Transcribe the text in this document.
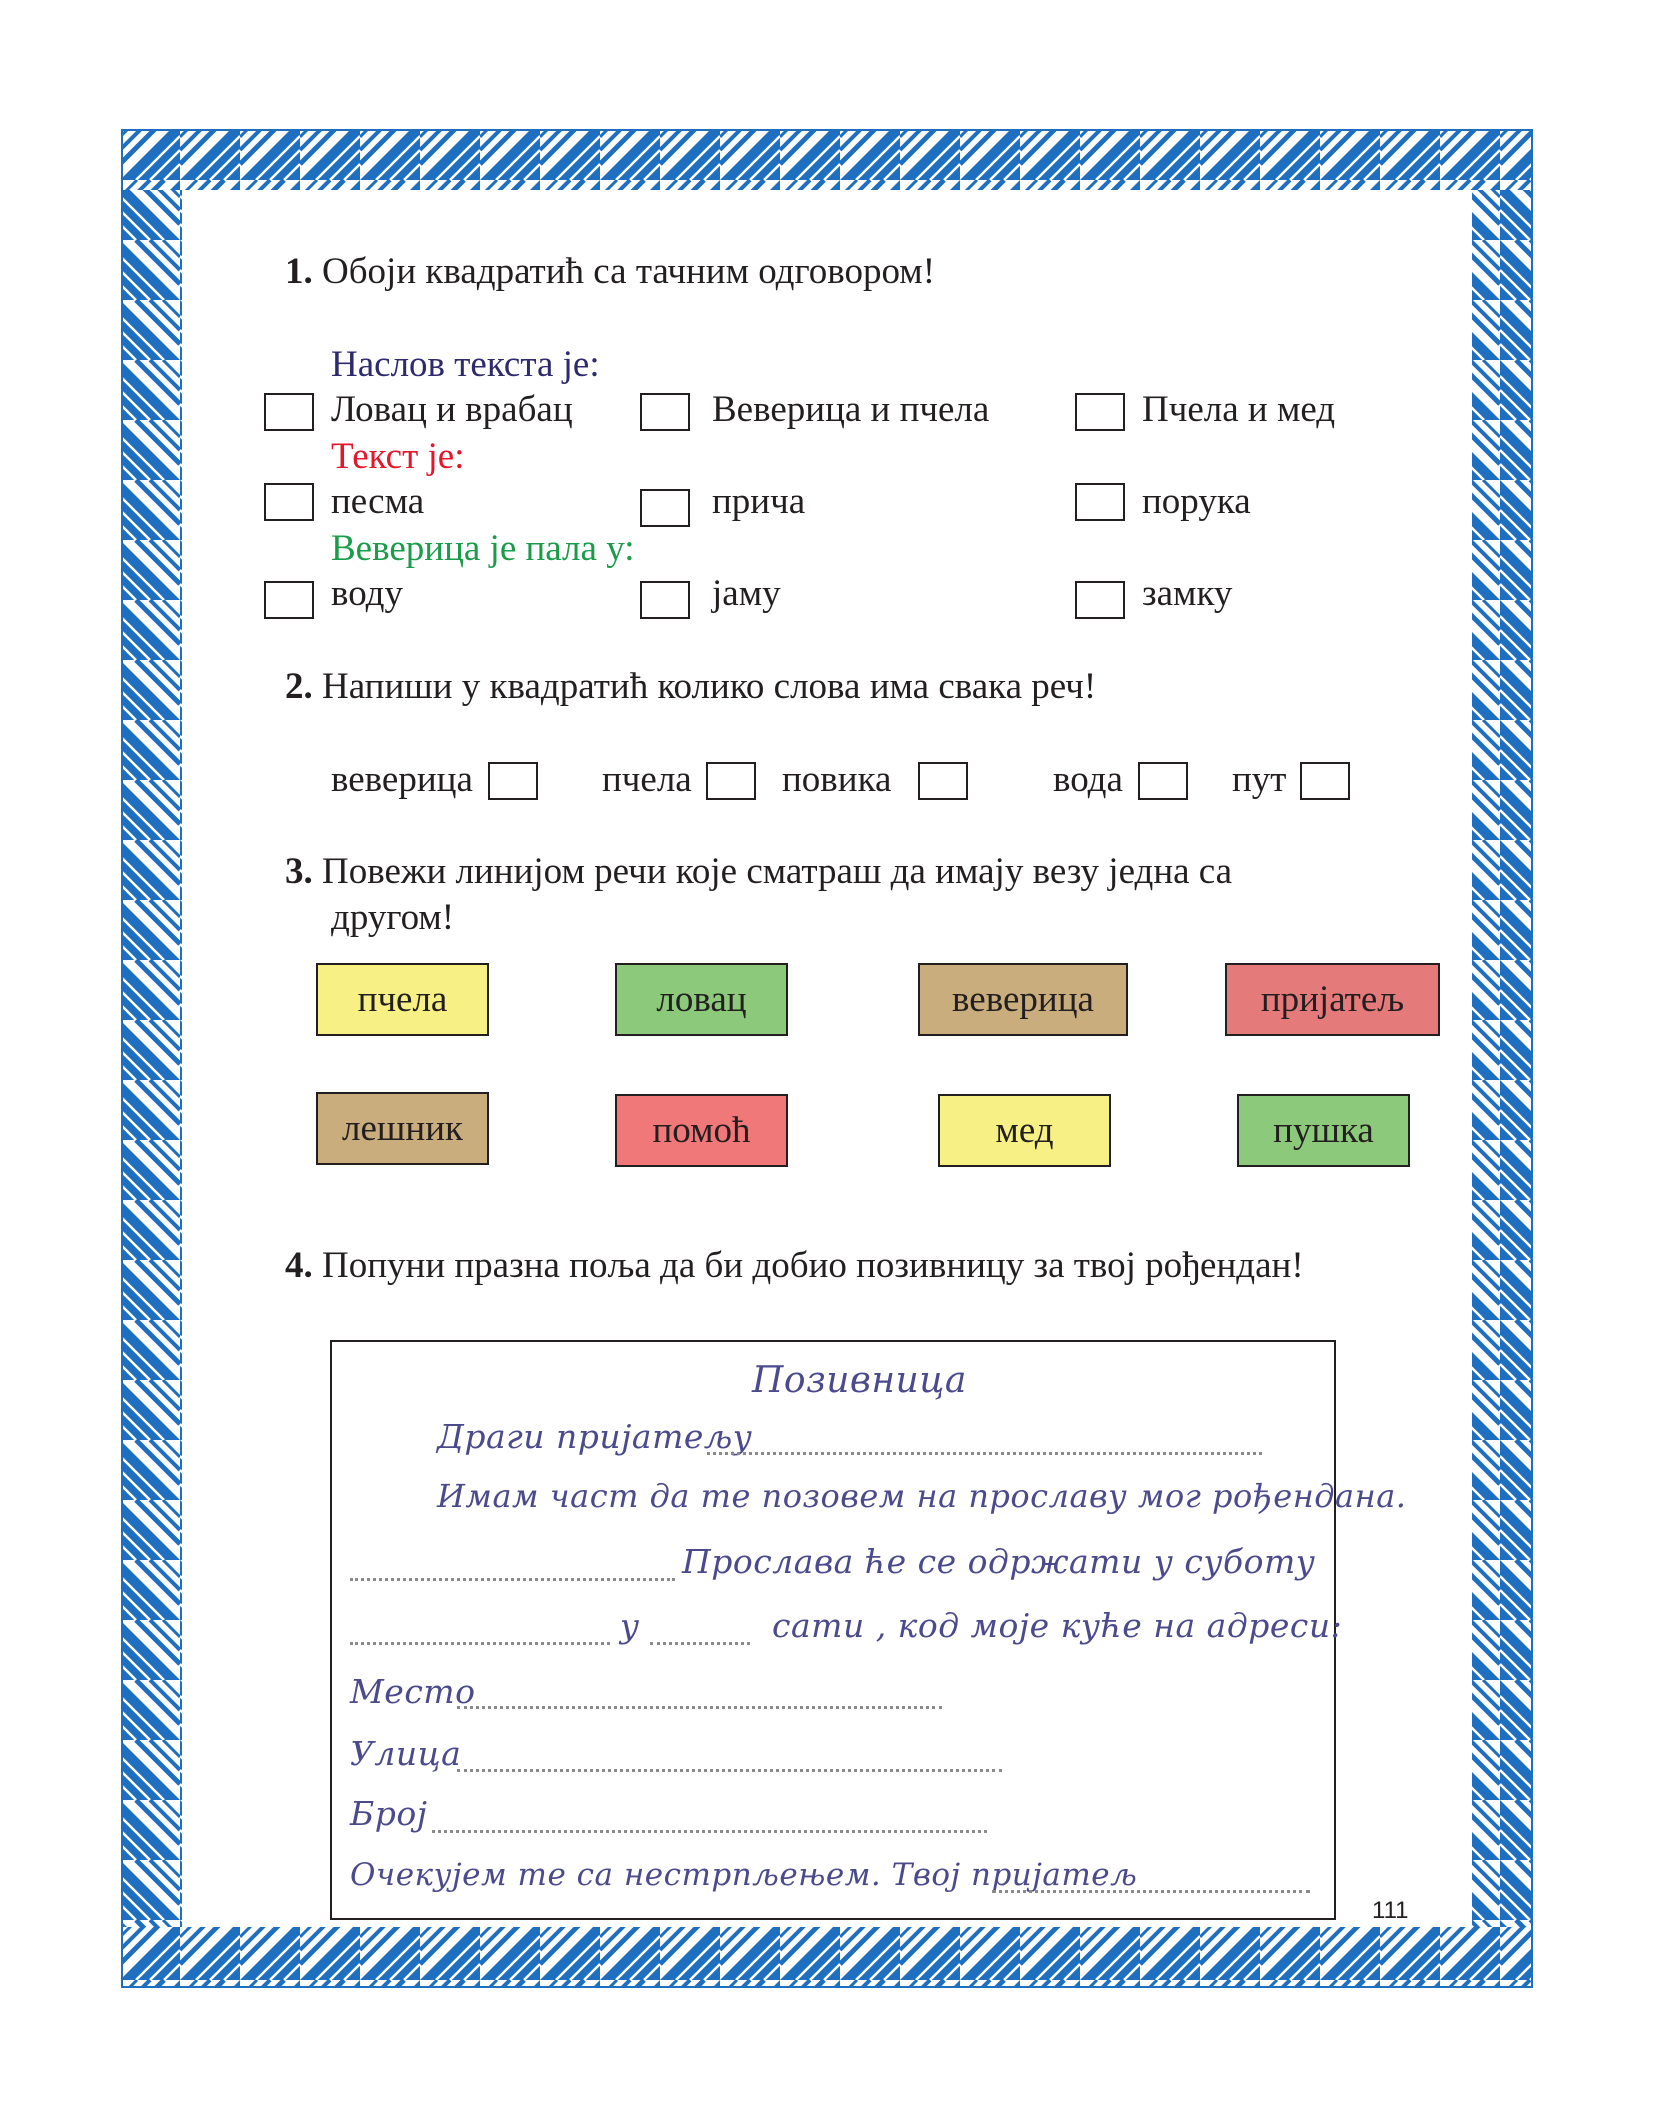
1. Обоји квадратић са тачним одговором!
Наслов текста је:
Ловац и врабац	Веверица и пчела	Пчела и мед
Текст је:
песма	прича	порука
Веверица је пала у:
воду	јаму	замку
2. Напиши у квадратић колико слова има свака реч!
веверица	пчела повика	вода	пут
3. Повежи линијом речи које сматраш да имају везу једна са
другом!
пчела	ловац	веверица	пријатељ
лешник	помоћ	мед	пушка
4. Попуни празна поља да би добио позивницу за твој рођендан!
Позивница
Драги пријатељу
Имам част да те позовем на прославу мог рођендана.
Прослава ће се одржати у суботу
у	сати , код моје куће на адреси:
Место
Улица
Број
Очекујем те са нестрпљењем. Твој пријатељ
111
